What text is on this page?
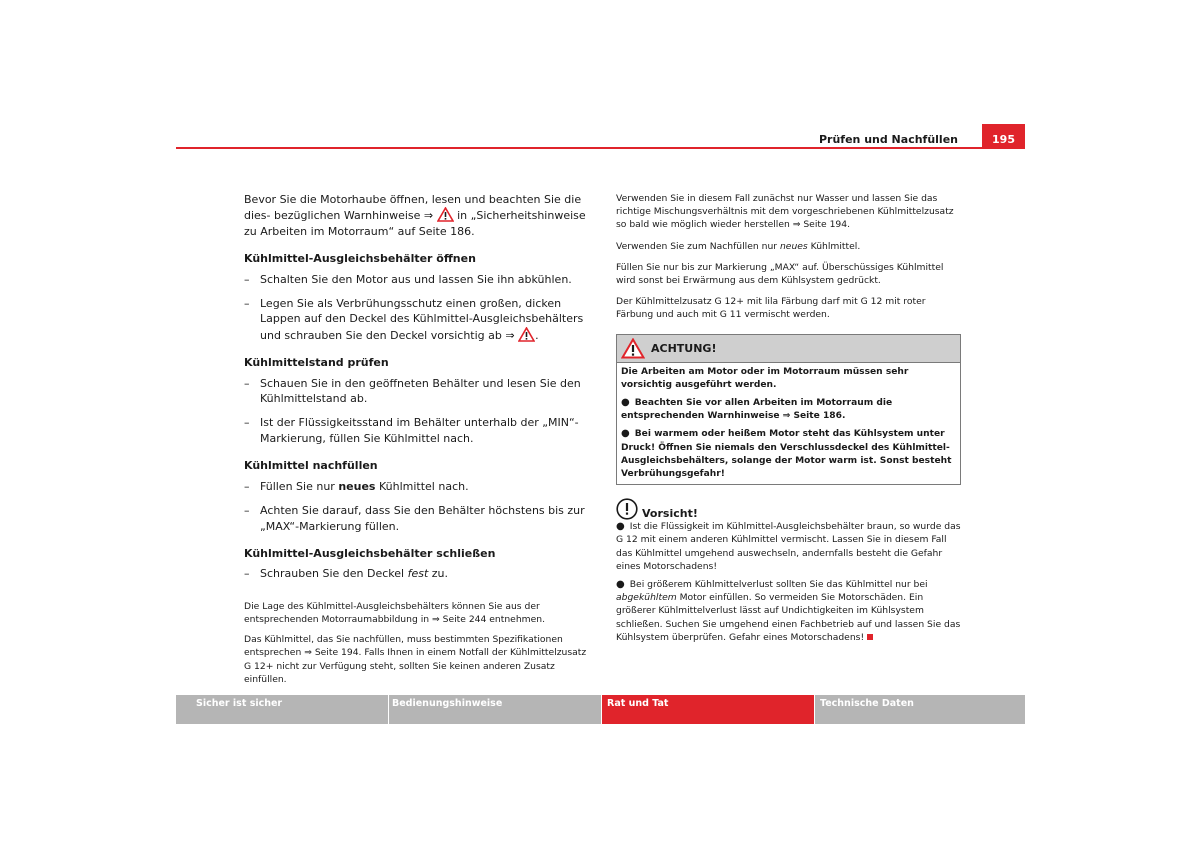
Prüfen und Nachfüllen	195

Bevor Sie die Motorhaube öffnen, lesen und beachten Sie die dies- bezüglichen Warnhinweise ⇒ in „Sicherheitshinweise zu Arbeiten im Motorraum“ auf Seite 186.

Kühlmittel-Ausgleichsbehälter öffnen
– Schalten Sie den Motor aus und lassen Sie ihn abkühlen.
– Legen Sie als Verbrühungsschutz einen großen, dicken Lappen auf den Deckel des Kühlmittel-Ausgleichsbehälters und schrauben Sie den Deckel vorsichtig ab ⇒ .
Kühlmittelstand prüfen
– Schauen Sie in den geöffneten Behälter und lesen Sie den Kühlmittelstand ab.
– Ist der Flüssigkeitsstand im Behälter unterhalb der „MIN“-Markierung, füllen Sie Kühlmittel nach.
Kühlmittel nachfüllen
– Füllen Sie nur neues Kühlmittel nach.
– Achten Sie darauf, dass Sie den Behälter höchstens bis zur „MAX“-Markierung füllen.
Kühlmittel-Ausgleichsbehälter schließen
– Schrauben Sie den Deckel fest zu.

Die Lage des Kühlmittel-Ausgleichsbehälters können Sie aus der entsprechenden Motorraumabbildung in ⇒ Seite 244 entnehmen.

Das Kühlmittel, das Sie nachfüllen, muss bestimmten Spezifikationen entsprechen ⇒ Seite 194. Falls Ihnen in einem Notfall der Kühlmittelzusatz G 12+ nicht zur Verfügung steht, sollten Sie keinen anderen Zusatz einfüllen.

Verwenden Sie in diesem Fall zunächst nur Wasser und lassen Sie das richtige Mischungsverhältnis mit dem vorgeschriebenen Kühlmittelzusatz so bald wie möglich wieder herstellen ⇒ Seite 194.

Verwenden Sie zum Nachfüllen nur neues Kühlmittel.

Füllen Sie nur bis zur Markierung „MAX“ auf. Überschüssiges Kühlmittel wird sonst bei Erwärmung aus dem Kühlsystem gedrückt.

Der Kühlmittelzusatz G 12+ mit lila Färbung darf mit G 12 mit roter Färbung und auch mit G 11 vermischt werden.

ACHTUNG!

Die Arbeiten am Motor oder im Motorraum müssen sehr vorsichtig ausgeführt werden.

● Beachten Sie vor allen Arbeiten im Motorraum die entsprechenden Warnhinweise ⇒ Seite 186.

● Bei warmem oder heißem Motor steht das Kühlsystem unter Druck! Öffnen Sie niemals den Verschlussdeckel des Kühlmittel-Ausgleichsbehälters, solange der Motor warm ist. Sonst besteht Verbrühungsgefahr!

Vorsicht!

● Ist die Flüssigkeit im Kühlmittel-Ausgleichsbehälter braun, so wurde das G 12 mit einem anderen Kühlmittel vermischt. Lassen Sie in diesem Fall das Kühlmittel umgehend auswechseln, andernfalls besteht die Gefahr eines Motorschadens!

● Bei größerem Kühlmittelverlust sollten Sie das Kühlmittel nur bei abgekühltem Motor einfüllen. So vermeiden Sie Motorschäden. Ein größerer Kühlmittelverlust lässt auf Undichtigkeiten im Kühlsystem schließen. Suchen Sie umgehend einen Fachbetrieb auf und lassen Sie das Kühlsystem überprüfen. Gefahr eines Motorschadens!

Sicher ist sicher	Bedienungshinweise	Rat und Tat	Technische Daten
